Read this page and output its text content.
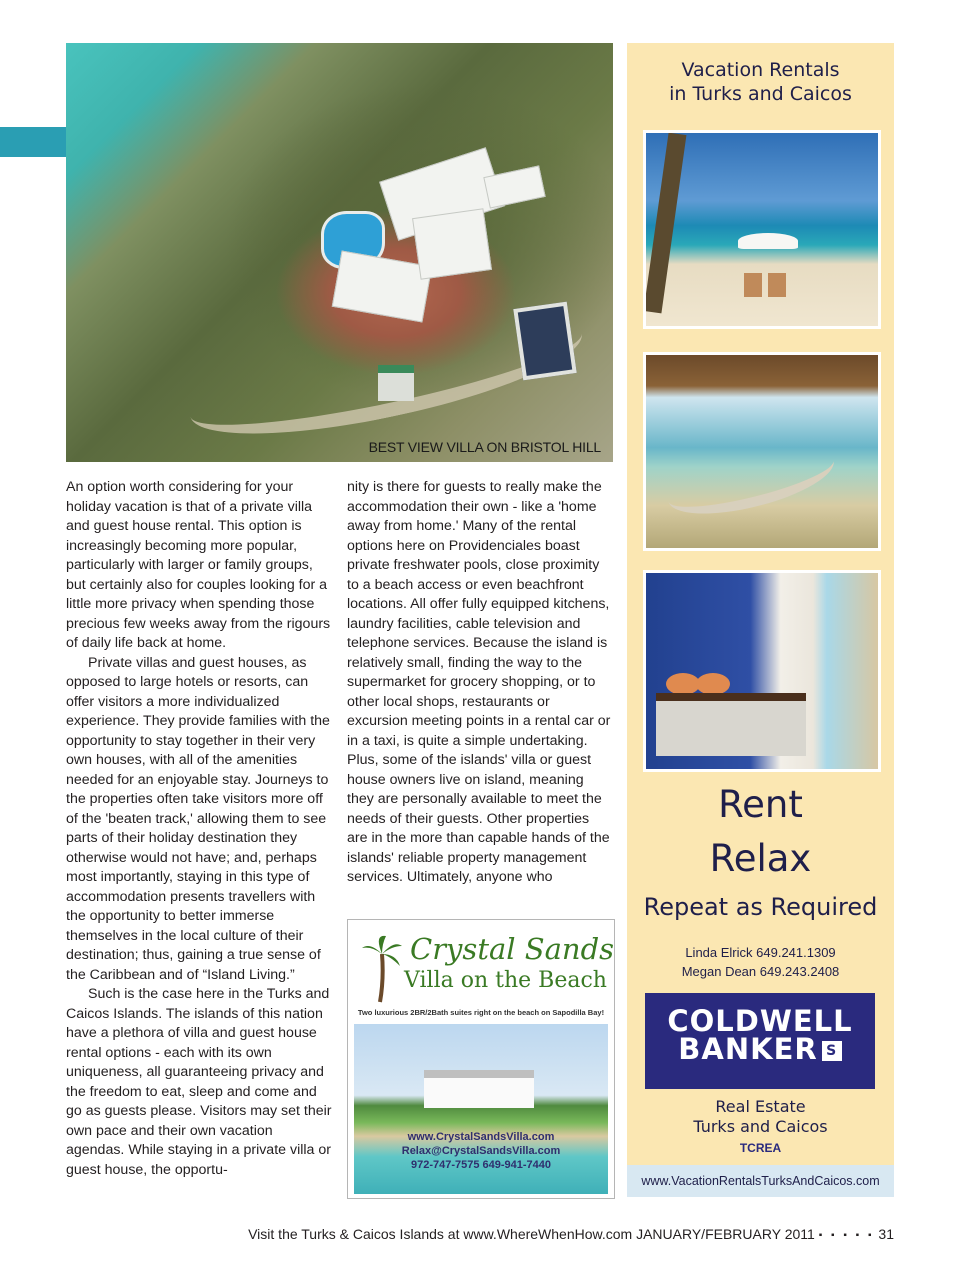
BEST VIEW VILLA ON BRISTOL HILL

An option worth considering for your holiday vacation is that of a private villa and guest house rental. This option is increasingly becoming more popular, particularly with larger or family groups, but certainly also for couples looking for a little more privacy when spending those precious few weeks away from the rigours of daily life back at home.

Private villas and guest houses, as opposed to large hotels or resorts, can offer visitors a more individualized experience. They provide families with the opportunity to stay together in their very own houses, with all of the amenities needed for an enjoyable stay. Journeys to the properties often take visitors more off of the 'beaten track,' allowing them to see parts of their holiday destination they otherwise would not have; and, perhaps most importantly, staying in this type of accommodation presents travellers with the opportunity to better immerse themselves in the local culture of their destination; thus, gaining a true sense of the Caribbean and of “Island Living.”

Such is the case here in the Turks and Caicos Islands. The islands of this nation have a plethora of villa and guest house rental options - each with its own uniqueness, all guaranteeing privacy and the freedom to eat, sleep and come and go as guests please. Visitors may set their own pace and their own vacation agendas. While staying in a private villa or guest house, the opportu-

nity is there for guests to really make the accommodation their own - like a 'home away from home.' Many of the rental options here on Providenciales boast private freshwater pools, close proximity to a beach access or even beachfront locations. All offer fully equipped kitchens, laundry facilities, cable television and telephone services. Because the island is relatively small, finding the way to the supermarket for grocery shopping, or to other local shops, restaurants or excursion meeting points in a rental car or in a taxi, is quite a simple undertaking. Plus, some of the islands' villa or guest house owners live on island, meaning they are personally available to meet the needs of their guests. Other properties are in the more than capable hands of the islands' reliable property management services. Ultimately, anyone who

Crystal Sands
Villa on the Beach
Two luxurious 2BR/2Bath suites right on the beach on Sapodilla Bay!
www.CrystalSandsVilla.com
Relax@CrystalSandsVilla.com
972-747-7575 649-941-7440
Vacation Rentals
in Turks and Caicos
Rent
Relax
Repeat as Required
Linda Elrick 649.241.1309
Megan Dean 649.243.2408
COLDWELL
BANKER S
Real Estate
Turks and Caicos
TCREA
www.VacationRentalsTurksAndCaicos.com
Visit the Turks & Caicos Islands at www.WhereWhenHow.com JANUARY/FEBRUARY 2011 ▪ ▪ ▪ ▪ ▪ 31
